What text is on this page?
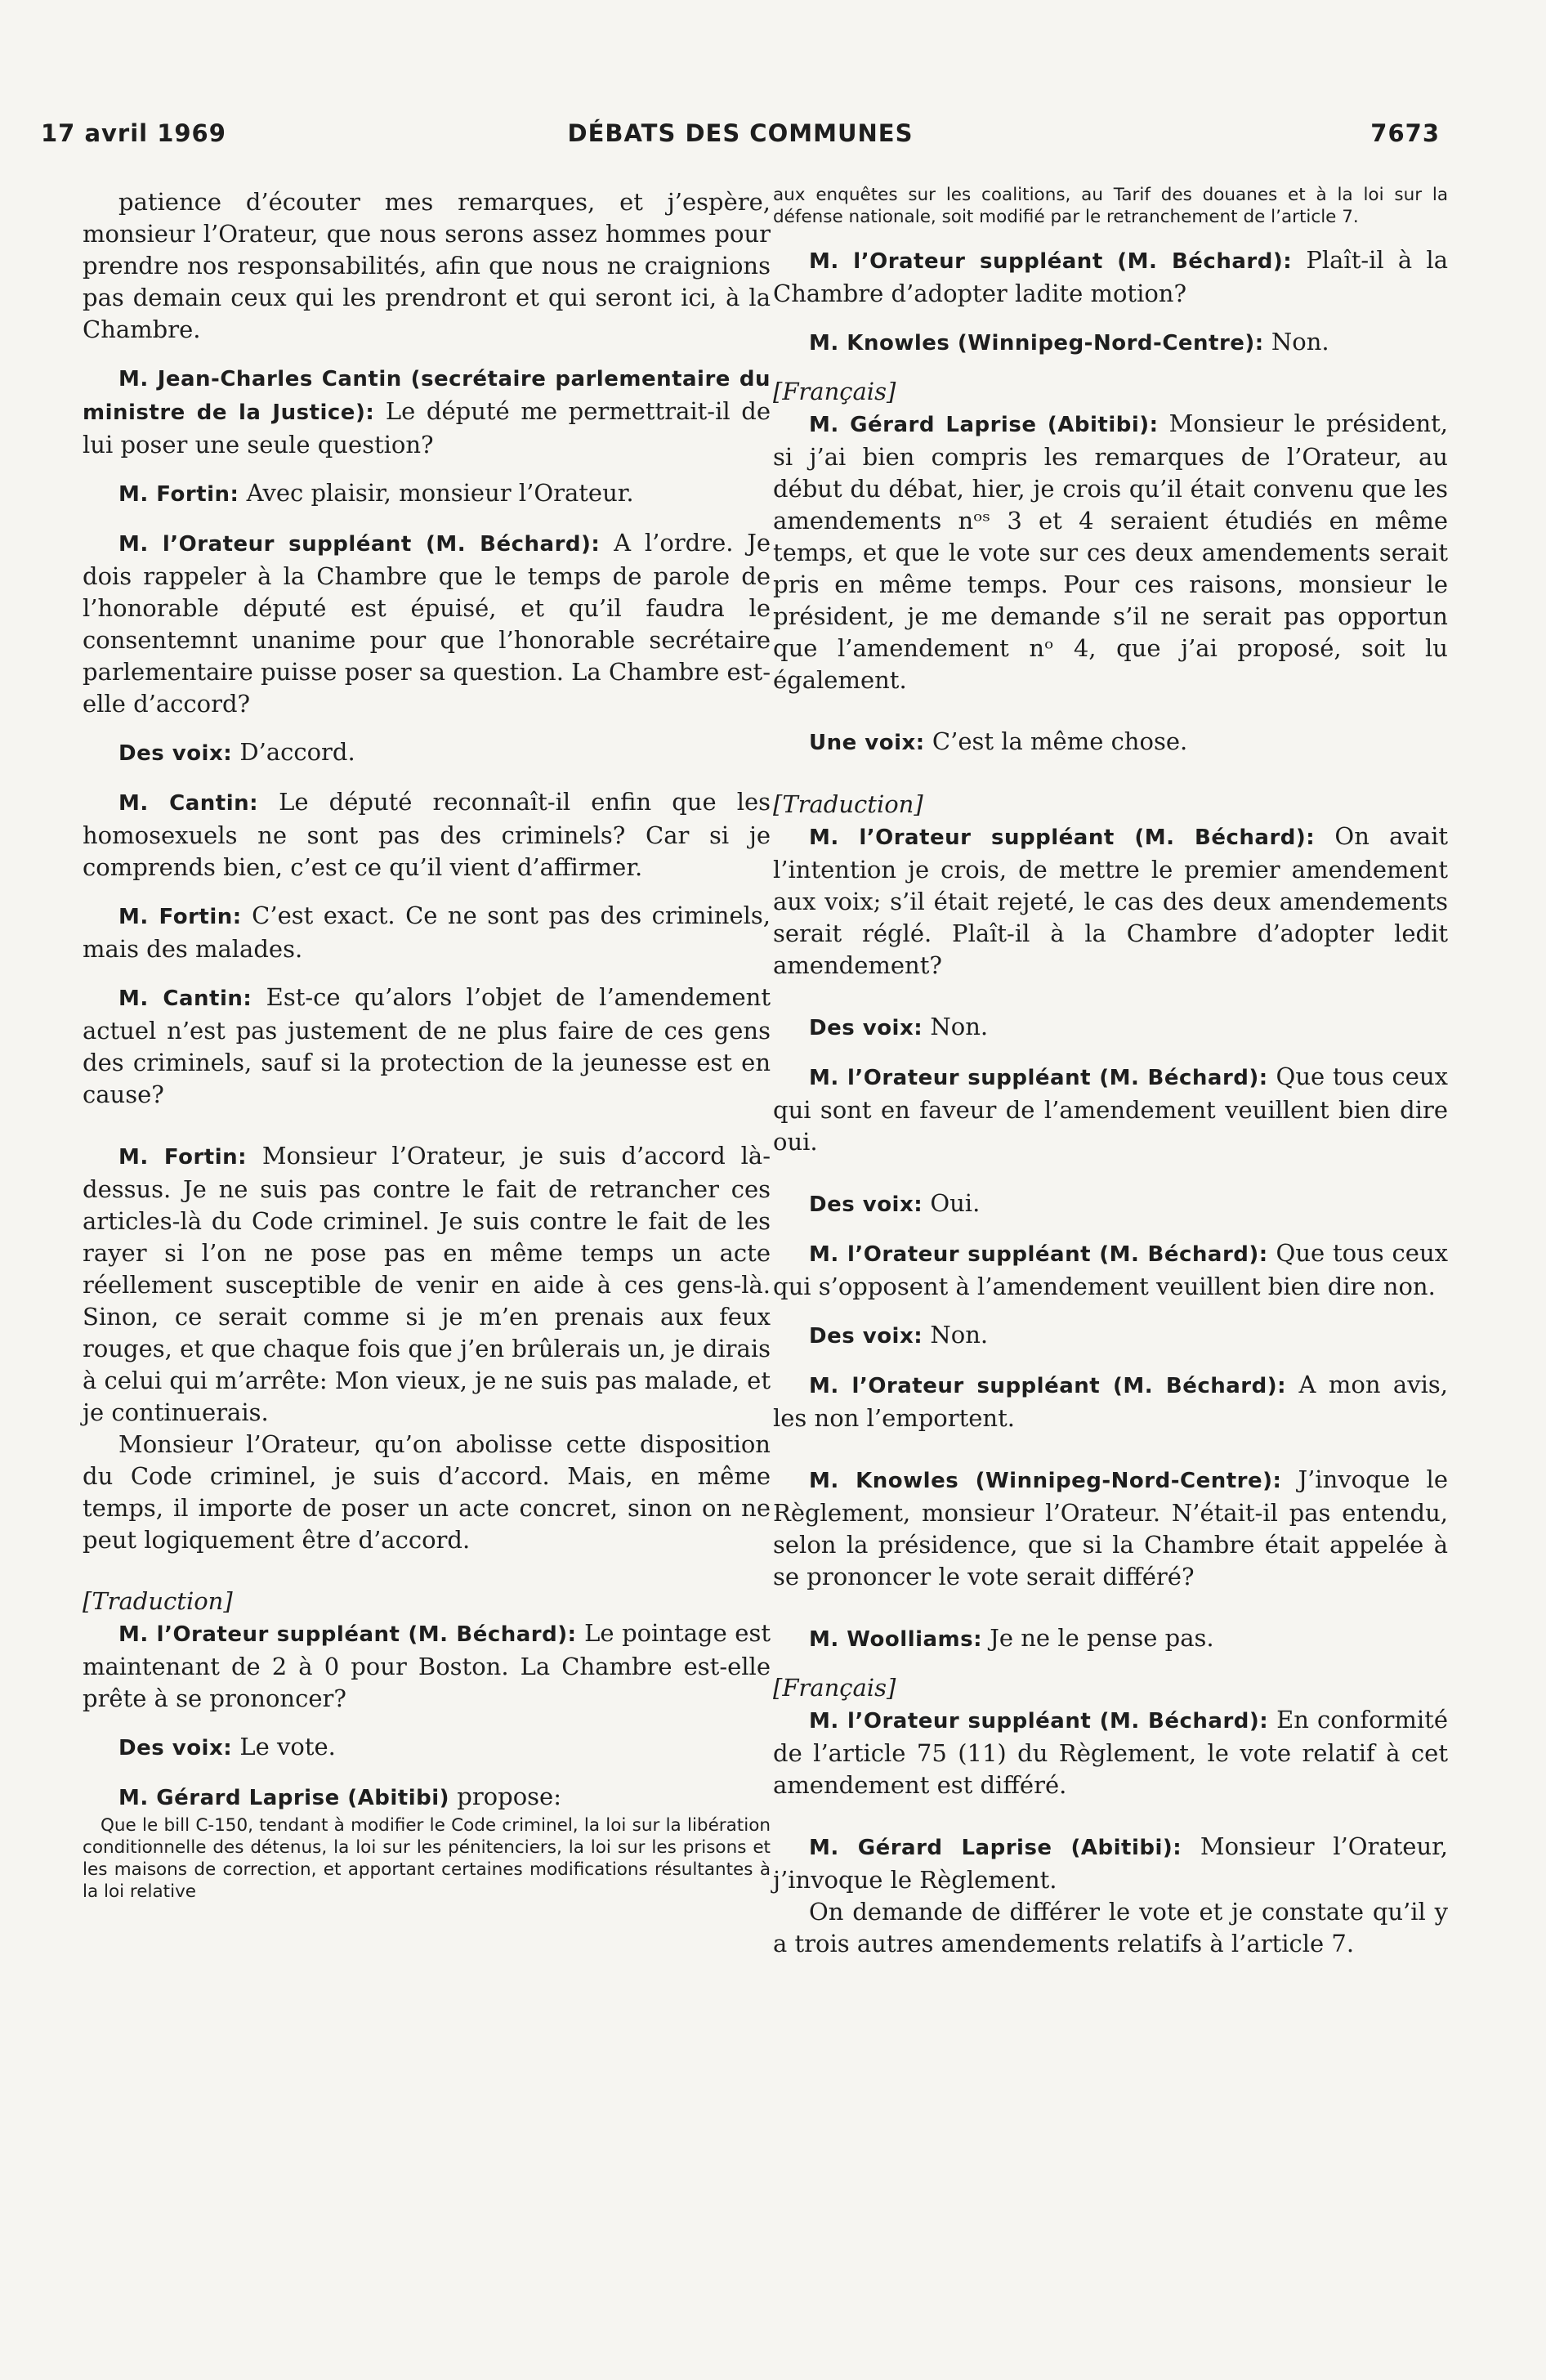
17 avril 1969	DÉBATS DES COMMUNES	7673

patience d’écouter mes remarques, et j’espère, monsieur l’Orateur, que nous serons assez hommes pour prendre nos responsabilités, afin que nous ne craignions pas demain ceux qui les prendront et qui seront ici, à la Chambre.

M. Jean-Charles Cantin (secrétaire parlementaire du ministre de la Justice): Le député me permettrait-il de lui poser une seule question?

M. Fortin: Avec plaisir, monsieur l’Orateur.

M. l’Orateur suppléant (M. Béchard): A l’ordre. Je dois rappeler à la Chambre que le temps de parole de l’honorable député est épuisé, et qu’il faudra le consentemnt unanime pour que l’honorable secrétaire parlementaire puisse poser sa question. La Chambre est-elle d’accord?

Des voix: D’accord.

M. Cantin: Le député reconnaît-il enfin que les homosexuels ne sont pas des criminels? Car si je comprends bien, c’est ce qu’il vient d’affirmer.

M. Fortin: C’est exact. Ce ne sont pas des criminels, mais des malades.

M. Cantin: Est-ce qu’alors l’objet de l’amendement actuel n’est pas justement de ne plus faire de ces gens des criminels, sauf si la protection de la jeunesse est en cause?

M. Fortin: Monsieur l’Orateur, je suis d’accord là-dessus. Je ne suis pas contre le fait de retrancher ces articles-là du Code criminel. Je suis contre le fait de les rayer si l’on ne pose pas en même temps un acte réellement susceptible de venir en aide à ces gens-là. Sinon, ce serait comme si je m’en prenais aux feux rouges, et que chaque fois que j’en brûlerais un, je dirais à celui qui m’arrête: Mon vieux, je ne suis pas malade, et je continuerais.

Monsieur l’Orateur, qu’on abolisse cette disposition du Code criminel, je suis d’accord. Mais, en même temps, il importe de poser un acte concret, sinon on ne peut logiquement être d’accord.

[Traduction]

M. l’Orateur suppléant (M. Béchard): Le pointage est maintenant de 2 à 0 pour Boston. La Chambre est-elle prête à se prononcer?

Des voix: Le vote.

M. Gérard Laprise (Abitibi) propose:

Que le bill C-150, tendant à modifier le Code criminel, la loi sur la libération conditionnelle des détenus, la loi sur les pénitenciers, la loi sur les prisons et les maisons de correction, et apportant certaines modifications résultantes à la loi relative

aux enquêtes sur les coalitions, au Tarif des douanes et à la loi sur la défense nationale, soit modifié par le retranchement de l’article 7.

M. l’Orateur suppléant (M. Béchard): Plaît-il à la Chambre d’adopter ladite motion?

M. Knowles (Winnipeg-Nord-Centre): Non.

[Français]

M. Gérard Laprise (Abitibi): Monsieur le président, si j’ai bien compris les remarques de l’Orateur, au début du débat, hier, je crois qu’il était convenu que les amendements nᵒˢ 3 et 4 seraient étudiés en même temps, et que le vote sur ces deux amendements serait pris en même temps. Pour ces raisons, monsieur le président, je me demande s’il ne serait pas opportun que l’amendement nᵒ 4, que j’ai proposé, soit lu également.

Une voix: C’est la même chose.

[Traduction]

M. l’Orateur suppléant (M. Béchard): On avait l’intention je crois, de mettre le premier amendement aux voix; s’il était rejeté, le cas des deux amendements serait réglé. Plaît-il à la Chambre d’adopter ledit amendement?

Des voix: Non.

M. l’Orateur suppléant (M. Béchard): Que tous ceux qui sont en faveur de l’amendement veuillent bien dire oui.

Des voix: Oui.

M. l’Orateur suppléant (M. Béchard): Que tous ceux qui s’opposent à l’amendement veuillent bien dire non.

Des voix: Non.

M. l’Orateur suppléant (M. Béchard): A mon avis, les non l’emportent.

M. Knowles (Winnipeg-Nord-Centre): J’invoque le Règlement, monsieur l’Orateur. N’était-il pas entendu, selon la présidence, que si la Chambre était appelée à se prononcer le vote serait différé?

M. Woolliams: Je ne le pense pas.

[Français]

M. l’Orateur suppléant (M. Béchard): En conformité de l’article 75 (11) du Règlement, le vote relatif à cet amendement est différé.

M. Gérard Laprise (Abitibi): Monsieur l’Orateur, j’invoque le Règlement.

On demande de différer le vote et je constate qu’il y a trois autres amendements relatifs à l’article 7.
